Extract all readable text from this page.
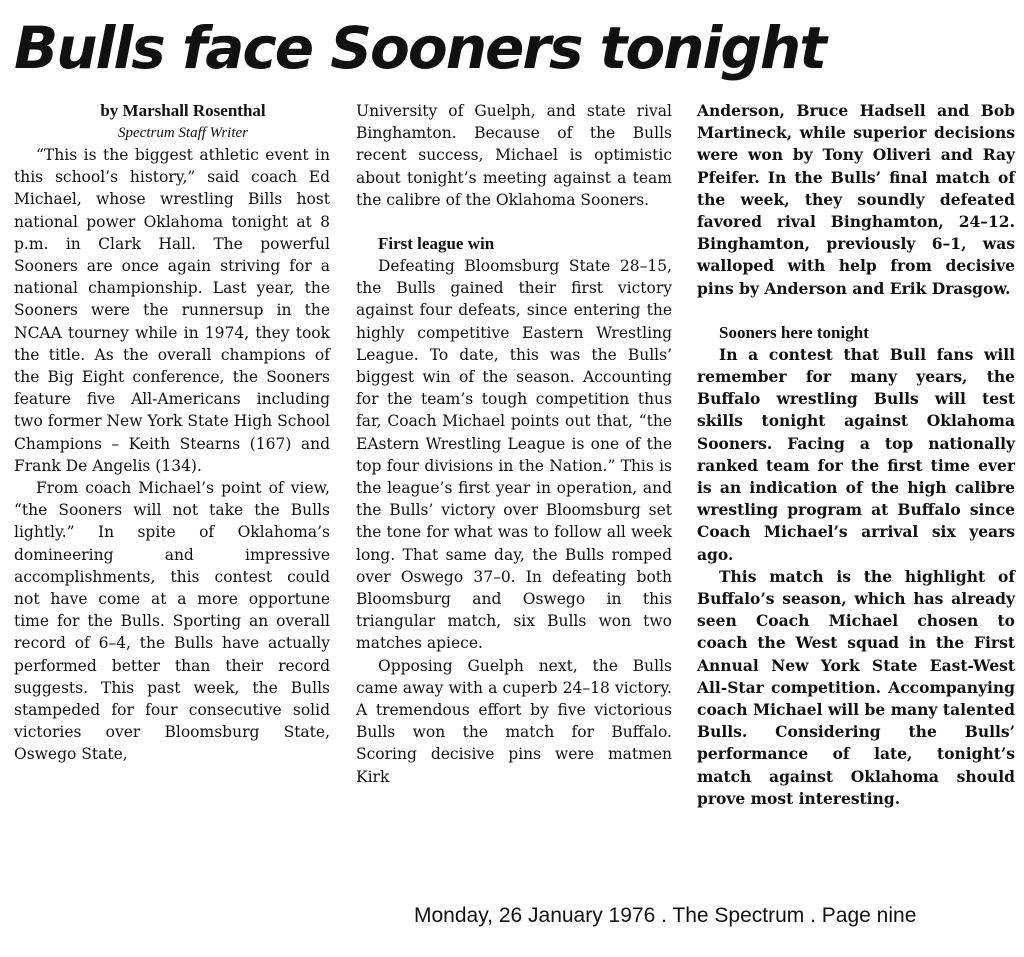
Bulls face Sooners tonight

by Marshall Rosenthal

Spectrum Staff Writer

“This is the biggest athletic event in this school’s history,” said coach Ed Michael, whose wrestling Bills host national power Oklahoma tonight at 8 p.m. in Clark Hall. The powerful Sooners are once again striving for a national championship. Last year, the Sooners were the runnersup in the NCAA tourney while in 1974, they took the title. As the overall champions of the Big Eight conference, the Sooners feature five All-Americans including two former New York State High School Champions – Keith Stearns (167) and Frank De Angelis (134).

From coach Michael’s point of view, “the Sooners will not take the Bulls lightly.” In spite of Oklahoma’s domineering and impressive accomplishments, this contest could not have come at a more opportune time for the Bulls. Sporting an overall record of 6–4, the Bulls have actually performed better than their record suggests. This past week, the Bulls stampeded for four consecutive solid victories over Bloomsburg State, Oswego State,

University of Guelph, and state rival Binghamton. Because of the Bulls recent success, Michael is optimistic about tonight’s meeting against a team the calibre of the Oklahoma Sooners.

First league win

Defeating Bloomsburg State 28–15, the Bulls gained their first victory against four defeats, since entering the highly competitive Eastern Wrestling League. To date, this was the Bulls’ biggest win of the season. Accounting for the team’s tough competition thus far, Coach Michael points out that, “the EAstern Wrestling League is one of the top four divisions in the Nation.” This is the league’s first year in operation, and the Bulls’ victory over Bloomsburg set the tone for what was to follow all week long. That same day, the Bulls romped over Oswego 37–0. In defeating both Bloomsburg and Oswego in this triangular match, six Bulls won two matches apiece.

Opposing Guelph next, the Bulls came away with a cuperb 24–18 victory. A tremendous effort by five victorious Bulls won the match for Buffalo. Scoring decisive pins were matmen Kirk

Anderson, Bruce Hadsell and Bob Martineck, while superior decisions were won by Tony Oliveri and Ray Pfeifer. In the Bulls’ final match of the week, they soundly defeated favored rival Binghamton, 24–12. Binghamton, previously 6–1, was walloped with help from decisive pins by Anderson and Erik Drasgow.

Sooners here tonight

In a contest that Bull fans will remember for many years, the Buffalo wrestling Bulls will test skills tonight against Oklahoma Sooners. Facing a top nationally ranked team for the first time ever is an indication of the high calibre wrestling program at Buffalo since Coach Michael’s arrival six years ago.

This match is the highlight of Buffalo’s season, which has already seen Coach Michael chosen to coach the West squad in the First Annual New York State East-West All-Star competition. Accompanying coach Michael will be many talented Bulls. Considering the Bulls’ performance of late, tonight’s match against Oklahoma should prove most interesting.

Monday, 26 January 1976 . The Spectrum . Page nine
